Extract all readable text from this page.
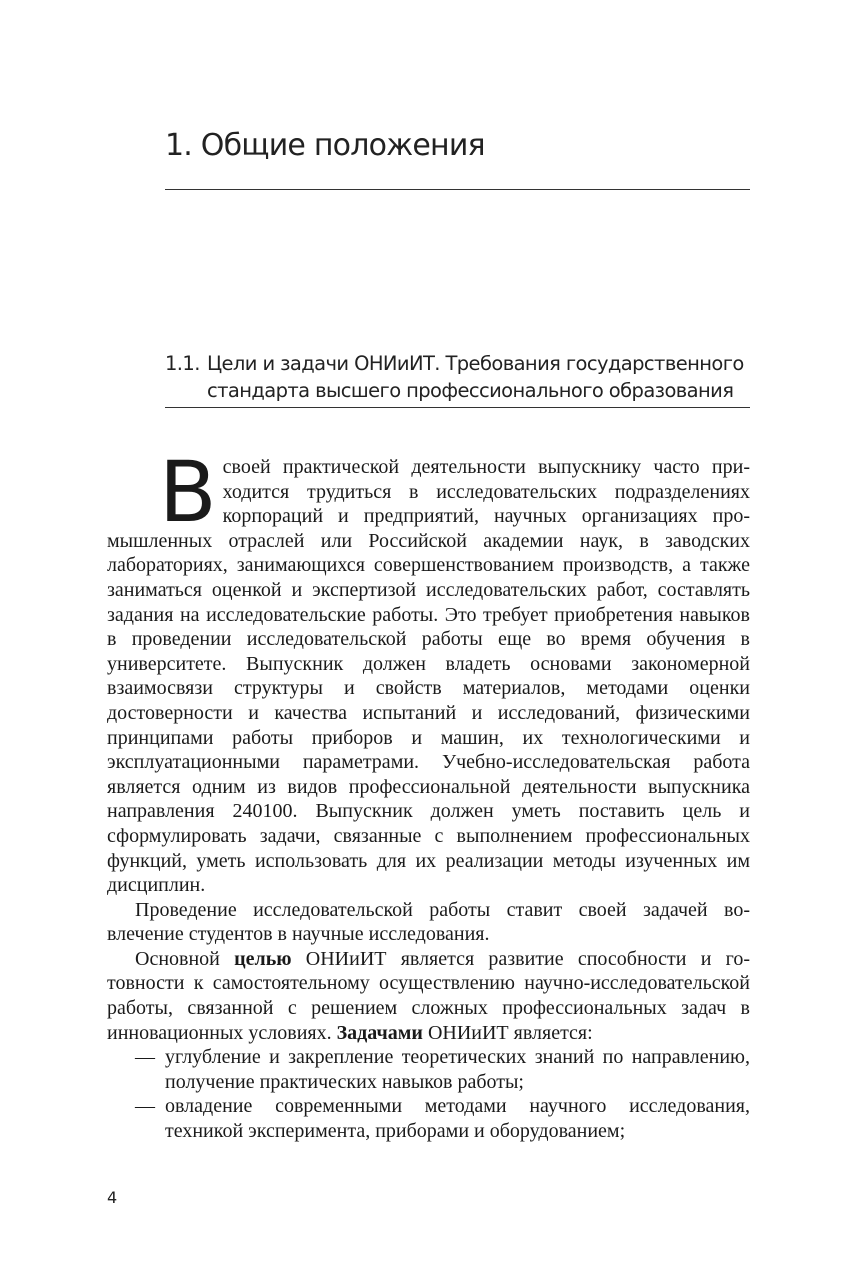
1. Общие положения
1.1. Цели и задачи ОНИиИТ. Требования государственного
стандарта высшего профессионального образования

Всвоей практической деятельности выпускнику часто приходится трудиться в исследовательских подразделениях корпораций и предприятий, научных организациях промышленных отраслей или Российской академии наук, в заводских лабораториях, занимающихся совершенствованием производств, а также заниматься оценкой и экспертизой исследовательских работ, составлять задания на исследовательские работы. Это требует приобретения навыков в проведении исследовательской работы еще во время обучения в университете. Выпускник должен владеть основами закономерной взаимосвязи структуры и свойств материалов, методами оценки достоверности и качества испытаний и исследований, физическими принципами работы приборов и машин, их технологическими и эксплуатационными параметрами. Учебно-исследовательская работа является одним из видов профессиональной деятельности выпускника направления 240100. Выпускник должен уметь поставить цель и сформулировать задачи, связанные с выполнением профессиональных функций, уметь использовать для их реализации методы изученных им дисциплин.

Проведение исследовательской работы ставит своей задачей вовлечение студентов в научные исследования.

Основной целью ОНИиИТ является развитие способности и готовности к самостоятельному осуществлению научно-исследовательской работы, связанной с решением сложных профессиональных задач в инновационных условиях. Задачами ОНИиИТ является:

— углубление и закрепление теоретических знаний по направлению, получение практических навыков работы;
— овладение современными методами научного исследования, техникой эксперимента, приборами и оборудованием;
4
